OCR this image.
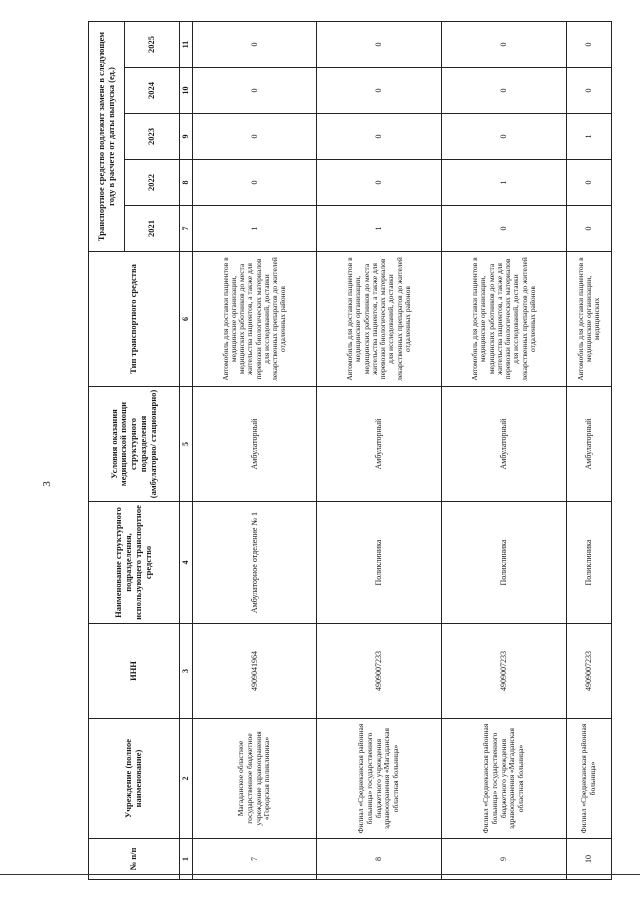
3
№ п/п	Учреждение (полное наименование)	ИНН	Наименование структурного подразделения, использующего транспортное средство	Условия оказания медицинской помощи структурного подразделения (амбулаторно/ стационарно)	Тип транспортного средства	Транспортное средство подлежит замене в следующем году в расчете от даты выпуска (ед.)				
						2021	2022	2023	2024	2025
1	2	3	4	5	6	7	8	9	10	11
7	Магаданское областное государственное бюджетное учреждение здравоохранения «Городская поликлиника»	4909041964	Амбулаторное отделение № 1	Амбулаторный	Автомобиль для доставки пациентов в медицинские организации, медицинских работников до места жительства пациентов, а также для перевозки биологических материалов для исследований, доставки лекарственных препаратов до жителей отдаленных районов	1	0	0	0	0
8	Филиал «Среднеканская районная больница» государственного бюджетного учреждения здравоохранения «Магаданская областная больница»	4909007233	Поликлиника	Амбулаторный	Автомобиль для доставки пациентов в медицинские организации, медицинских работников до места жительства пациентов, а также для перевозки биологических материалов для исследований, доставки лекарственных препаратов до жителей отдаленных районов	1	0	0	0	0
9	Филиал «Среднеканская районная больница» государственного бюджетного учреждения здравоохранения «Магаданская областная больница»	4909007233	Поликлиника	Амбулаторный	Автомобиль для доставки пациентов в медицинские организации, медицинских работников до места жительства пациентов, а также для перевозки биологических материалов для исследований, доставки лекарственных препаратов до жителей отдаленных районов	0	1	0	0	0
10	Филиал «Среднеканская районная больница»	4909007233	Поликлиника	Амбулаторный	Автомобиль для доставки пациентов в медицинские организации, медицинских	0	0	1	0	0
